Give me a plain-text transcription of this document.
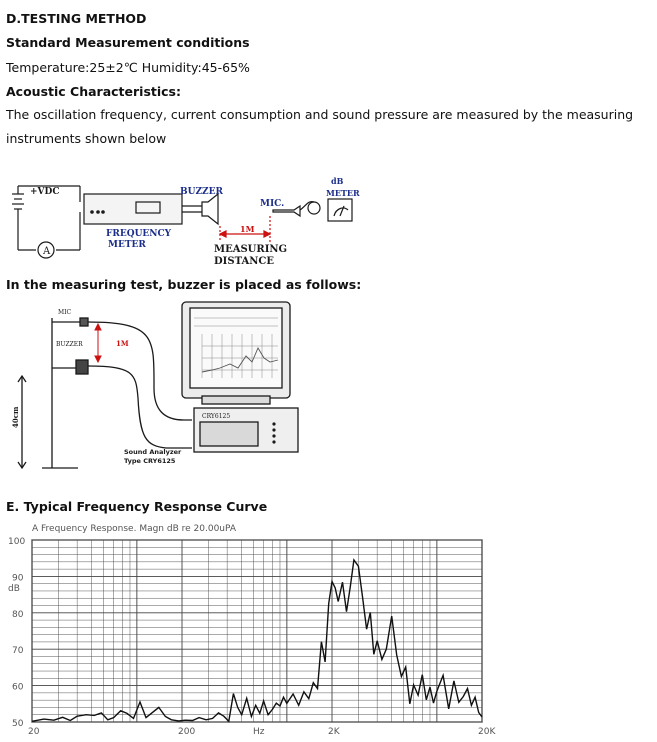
D.TESTING METHOD
Standard Measurement conditions
Temperature:25±2℃ Humidity:45-65%
Acoustic Characteristics:
The oscillation frequency, current consumption and sound pressure are measured by the measuring instruments shown below
+VDC
A
FREQUENCY
METER
BUZZER
1M
MEASURING
DISTANCE
MIC.
dB
METER
In the measuring test, buzzer is placed as follows:
MIC
BUZZER	1M
40cm	CRY6125
Sound Analyzer
Type CRY6125
E. Typical Frequency Response Curve
A Frequency Response. Magn dB re 20.00uPA
dB
100
90
80
70
60
50
20	200	Hz	2K	20K
